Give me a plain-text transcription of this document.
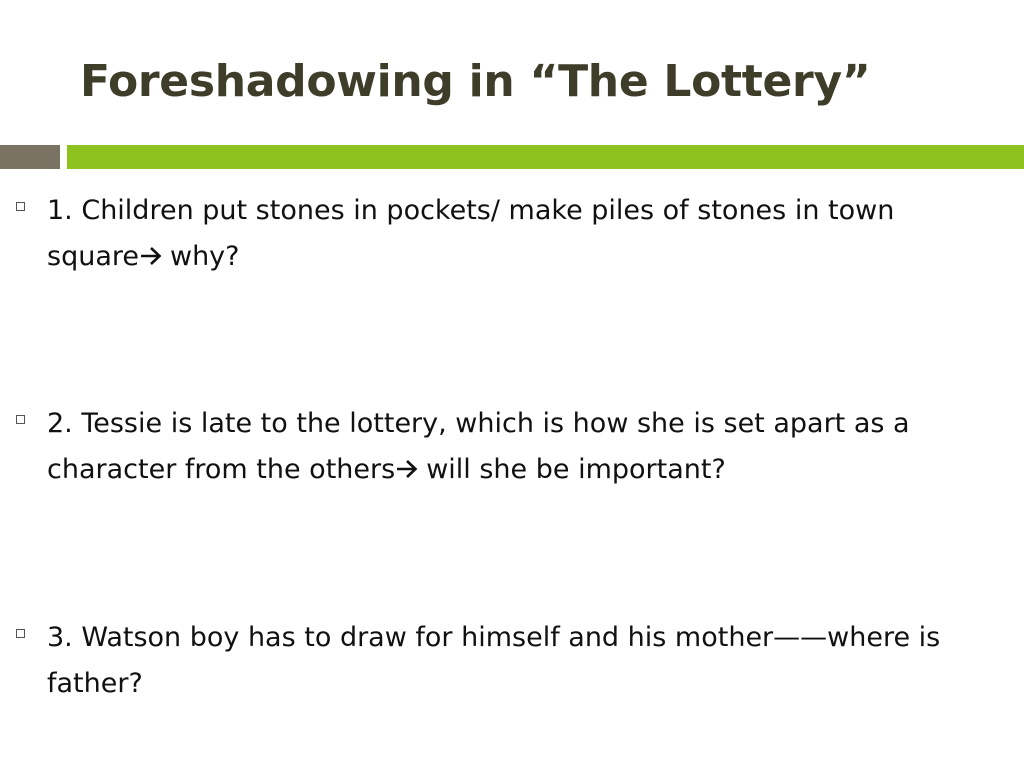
Foreshadowing in “The Lottery”

1. Children put stones in pockets/ make piles of stones in town square why?

2. Tessie is late to the lottery, which is how she is set apart as a character from the others will she be important?

3. Watson boy has to draw for himself and his mother——where is father?
